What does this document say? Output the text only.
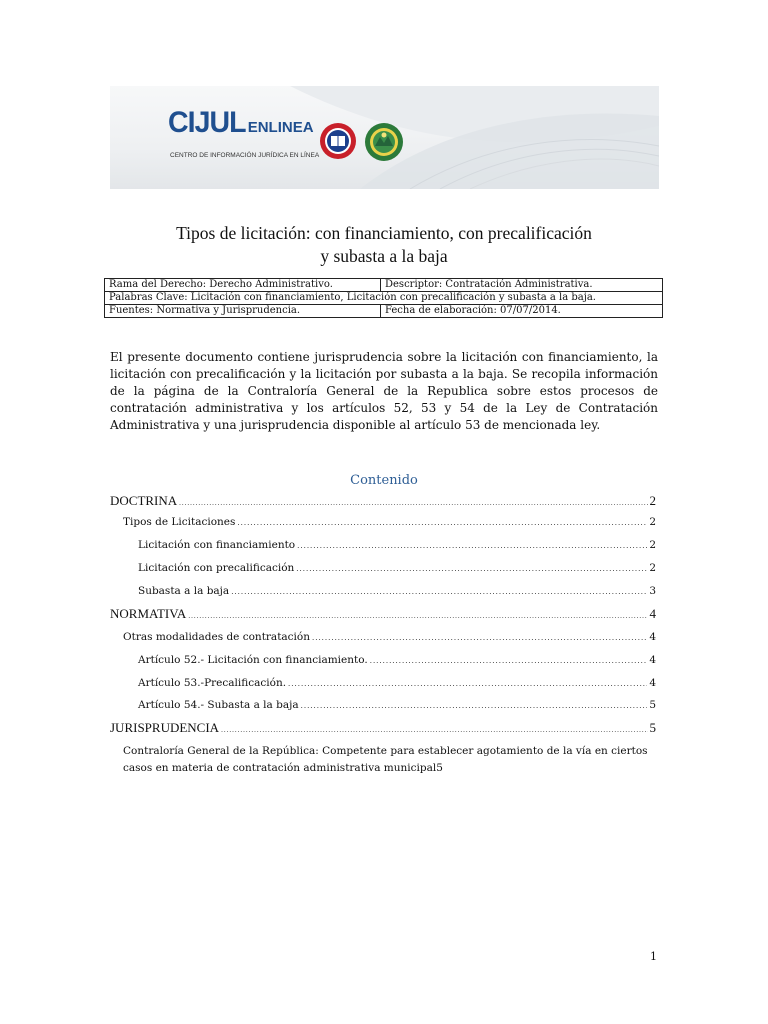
CIJUL ENLINEA
CENTRO DE INFORMACIÓN JURÍDICA EN LÍNEA
Tipos de licitación: con financiamiento, con precalificación
y subasta a la baja
Rama del Derecho: Derecho Administrativo.	Descriptor: Contratación Administrativa.
Palabras Clave: Licitación con financiamiento, Licitación con precalificación y subasta a la baja.	
Fuentes: Normativa y Jurisprudencia.	Fecha de elaboración: 07/07/2014.
El presente documento contiene jurisprudencia sobre la licitación con financiamiento, la licitación con precalificación y la licitación por subasta a la baja. Se recopila información de la página de la Contraloría General de la Republica sobre estos procesos de contratación administrativa y los artículos 52, 53 y 54 de la Ley de Contratación Administrativa y una jurisprudencia disponible al artículo 53 de mencionada ley.
Contenido
DOCTRINA .....	2
Tipos de Licitaciones .....	2
Licitación con financiamiento .....	2
Licitación con precalificación .....	2
Subasta a la baja .....	3
NORMATIVA .....	4
Otras modalidades de contratación .....	4
Artículo 52.- Licitación con financiamiento. .....	4
Artículo 53.-Precalificación. .....	4
Artículo 54.- Subasta a la baja .....	5
JURISPRUDENCIA .....	5
Contraloría General de la República: Competente para establecer agotamiento de la vía en ciertos
casos en materia de contratación administrativa municipal 5
1
